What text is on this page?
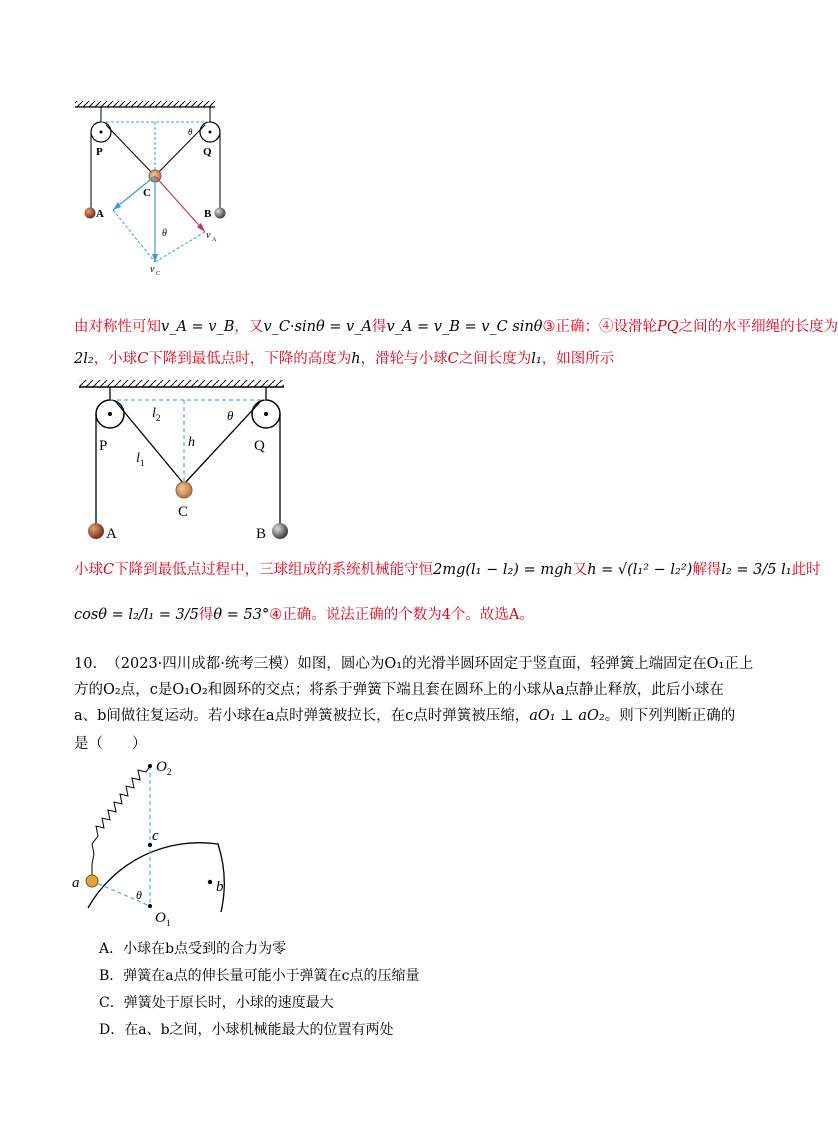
P	Q
C
A	B
θ
θ	v A
v C
由对称性可知v_A = v_B，又v_C·sinθ = v_A得v_A = v_B = v_C sinθ③正确；④设滑轮PQ之间的水平细绳的长度为
2l₂，小球C下降到最低点时，下降的高度为h，滑轮与小球C之间长度为l₁，如图所示
P	Q
C
A	B
l 2
h
l 1
θ
小球C下降到最低点过程中，三球组成的系统机械能守恒2mg(l₁ − l₂) = mgh又h = √(l₁² − l₂²)解得l₂ = 3/5 l₁此时
cosθ = l₂/l₁ = 3/5得θ = 53°④正确。说法正确的个数为4个。故选A。
10. （2023·四川成都·统考三模）如图，圆心为O₁的光滑半圆环固定于竖直面，轻弹簧上端固定在O₁正上
方的O₂点，c是O₁O₂和圆环的交点；将系于弹簧下端且套在圆环上的小球从a点静止释放，此后小球在
a、b间做往复运动。若小球在a点时弹簧被拉长，在c点时弹簧被压缩，aO₁ ⊥ aO₂。则下列判断正确的
是（　　）
O 2
c
a	b
θ
O 1
A．小球在b点受到的合力为零
B．弹簧在a点的伸长量可能小于弹簧在c点的压缩量
C．弹簧处于原长时，小球的速度最大
D．在a、b之间，小球机械能最大的位置有两处
